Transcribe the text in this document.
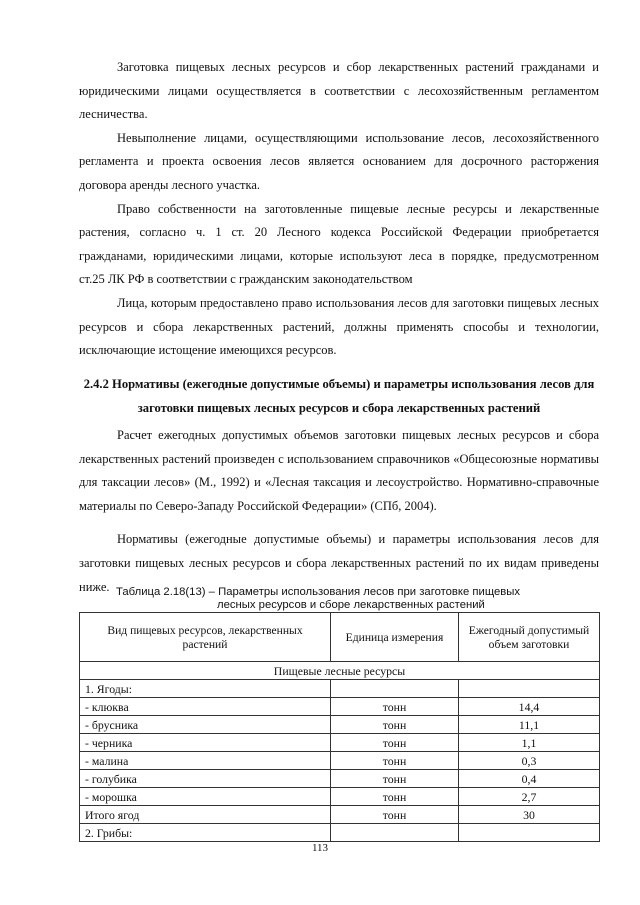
Заготовка пищевых лесных ресурсов и сбор лекарственных растений гражданами и юридическими лицами осуществляется в соответствии с лесохозяйственным регламентом лесничества.

Невыполнение лицами, осуществляющими использование лесов, лесохозяйственного регламента и проекта освоения лесов является основанием для досрочного расторжения договора аренды лесного участка.

Право собственности на заготовленные пищевые лесные ресурсы и лекарственные растения, согласно ч. 1 ст. 20 Лесного кодекса Российской Федерации приобретается гражданами, юридическими лицами, которые используют леса в порядке, предусмотренном ст.25 ЛК РФ в соответствии с гражданским законодательством

Лица, которым предоставлено право использования лесов для заготовки пищевых лесных ресурсов и сбора лекарственных растений, должны применять способы и технологии, исключающие истощение имеющихся ресурсов.

2.4.2 Нормативы (ежегодные допустимые объемы) и параметры использования лесов для заготовки пищевых лесных ресурсов и сбора лекарственных растений

Расчет ежегодных допустимых объемов заготовки пищевых лесных ресурсов и сбора лекарственных растений произведен с использованием справочников «Общесоюзные нормативы для таксации лесов» (М., 1992) и «Лесная таксация и лесоустройство. Нормативно-справочные материалы по Северо-Западу Российской Федерации» (СПб, 2004).

Нормативы (ежегодные допустимые объемы) и параметры использования лесов для заготовки пищевых лесных ресурсов и сбора лекарственных растений по их видам приведены ниже. Таблица 2.18(13) – Параметры использования лесов при заготовке пищевых
лесных ресурсов и сборе лекарственных растений
Вид пищевых ресурсов, лекарственных растений	Единица измерения	Ежегодный допустимый объем заготовки
Пищевые лесные ресурсы		
1. Ягоды:		
- клюква	тонн	14,4
- брусника	тонн	11,1
- черника	тонн	1,1
- малина	тонн	0,3
- голубика	тонн	0,4
- морошка	тонн	2,7
Итого ягод	тонн	30
2. Грибы:		
113
